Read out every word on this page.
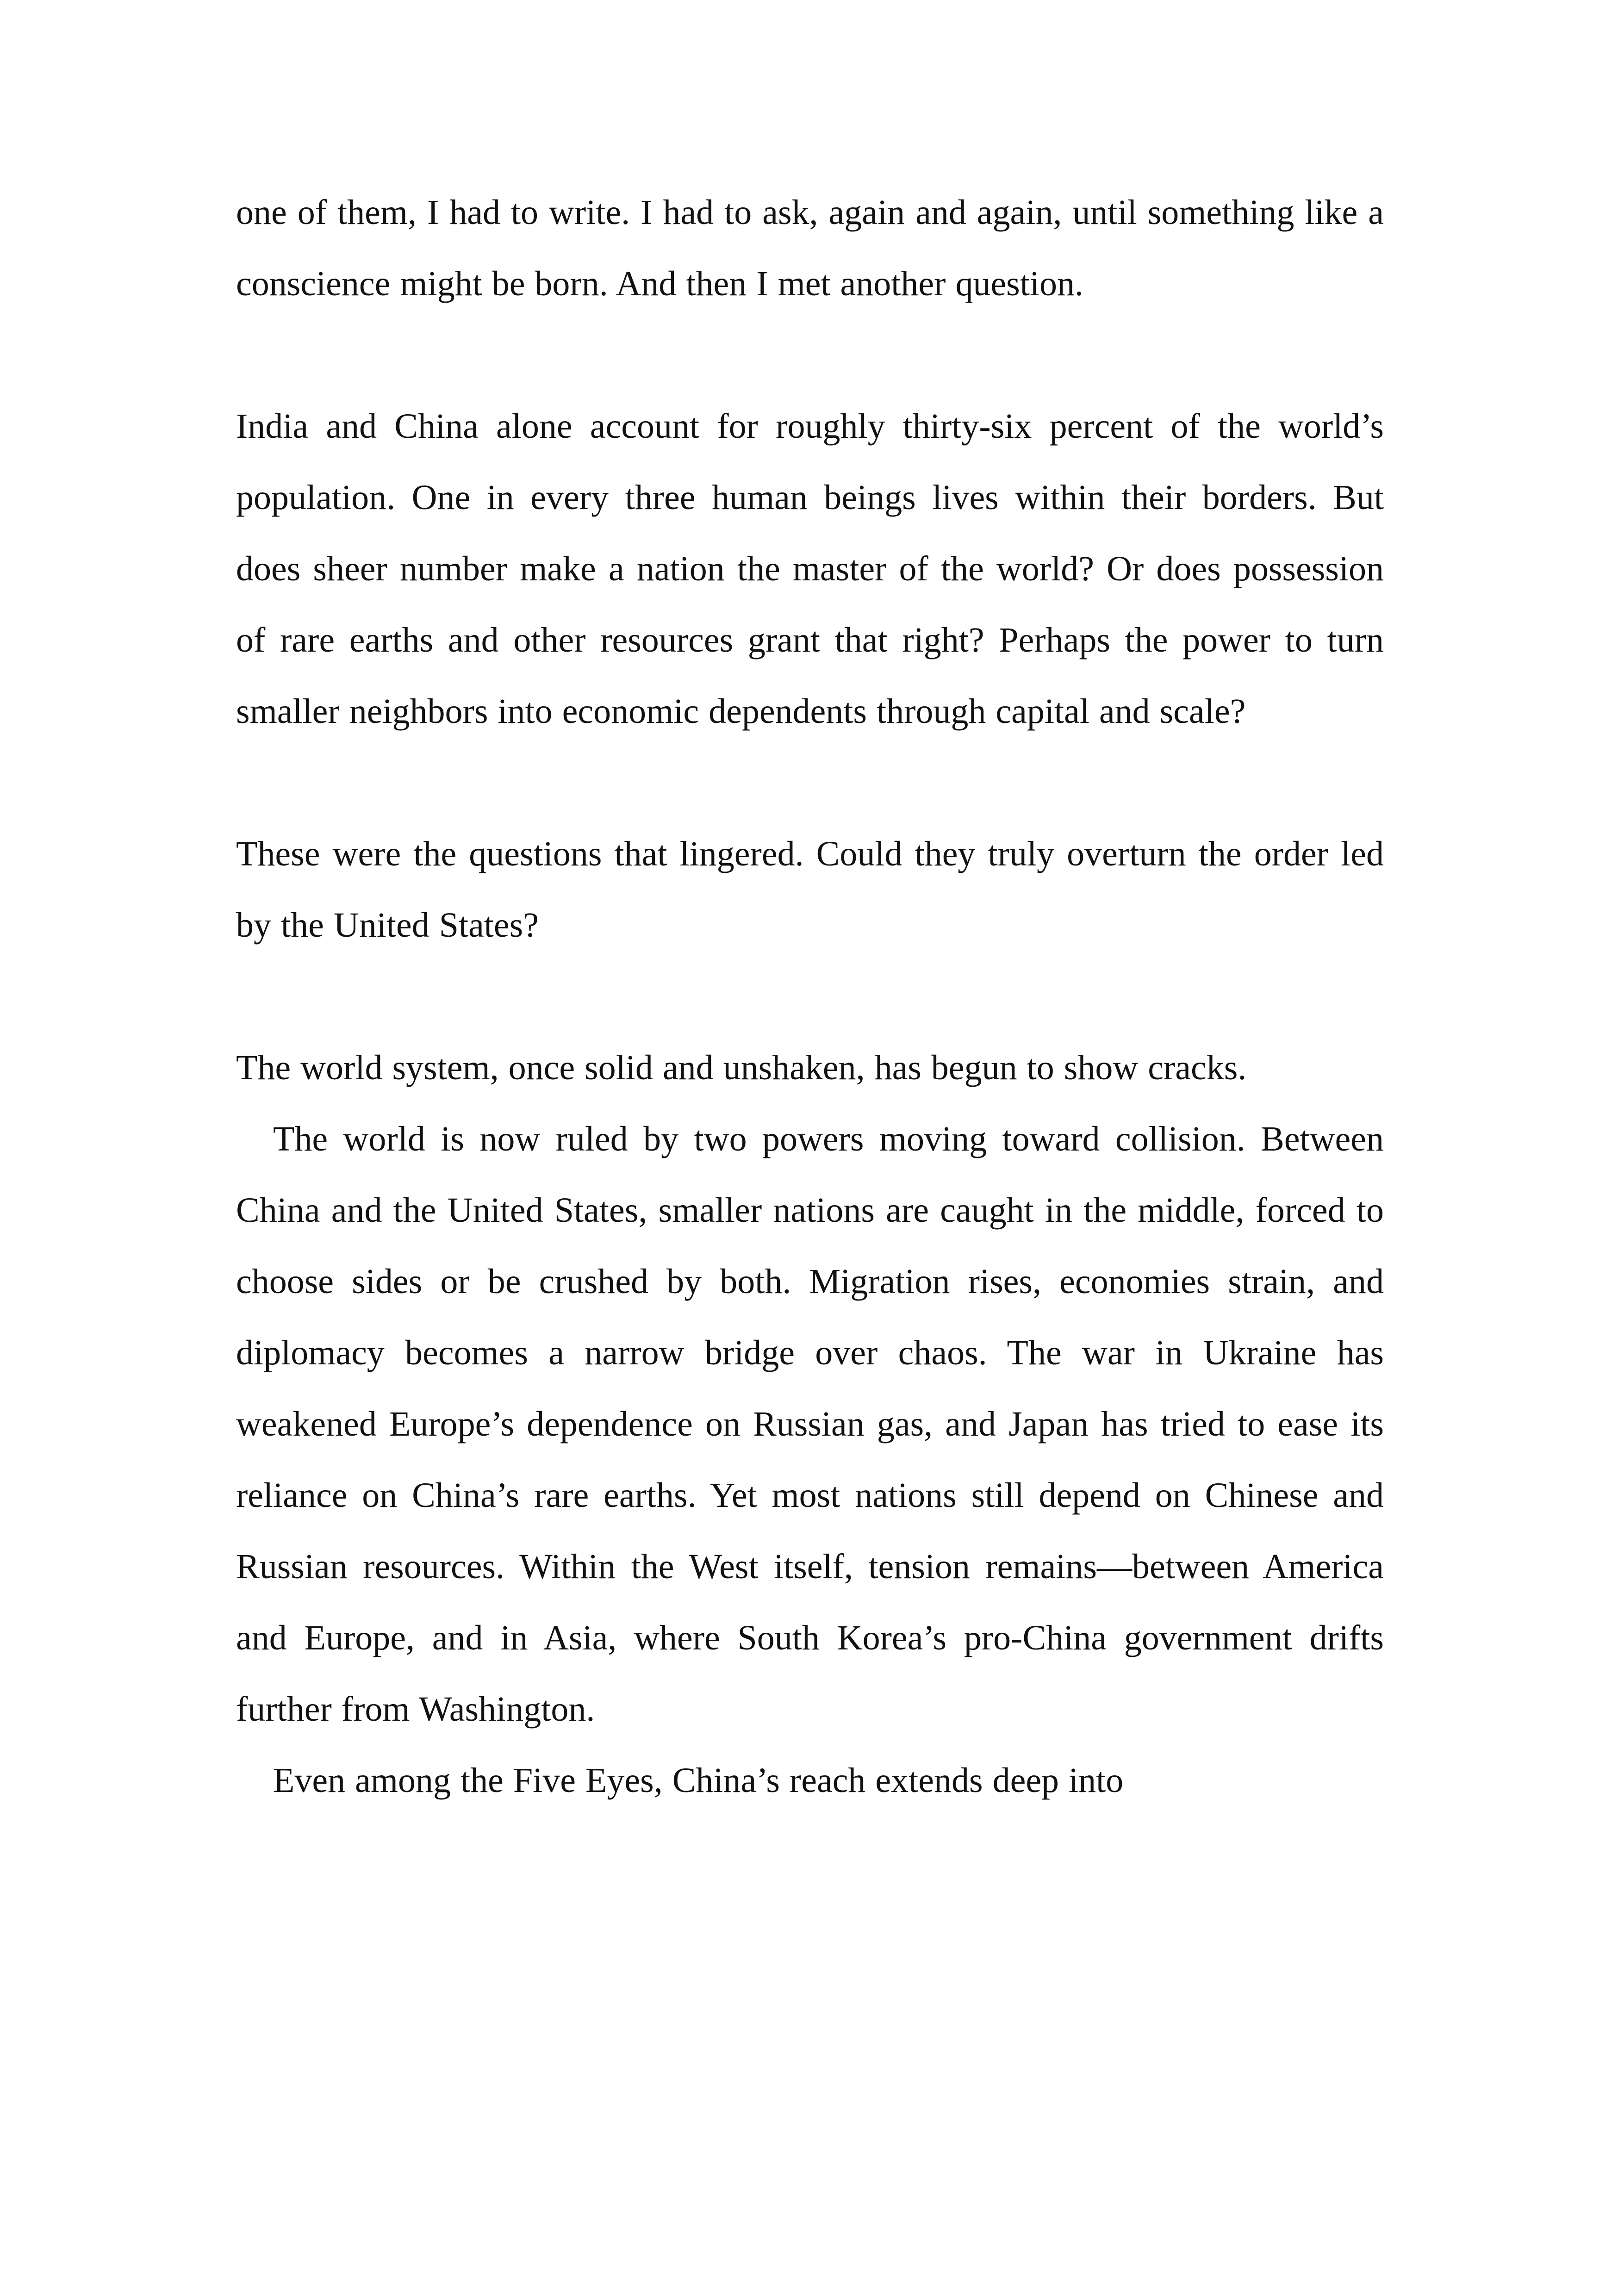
one of them, I had to write. I had to ask, again and again, until something like a conscience might be born. And then I met another question.

India and China alone account for roughly thirty-six percent of the world’s population. One in every three human beings lives within their borders. But does sheer number make a nation the master of the world? Or does possession of rare earths and other resources grant that right? Perhaps the power to turn smaller neighbors into economic dependents through capital and scale?

These were the questions that lingered. Could they truly overturn the order led by the United States?

The world system, once solid and unshaken, has begun to show cracks.

The world is now ruled by two powers moving toward collision. Between China and the United States, smaller nations are caught in the middle, forced to choose sides or be crushed by both. Migration rises, economies strain, and diplomacy becomes a narrow bridge over chaos. The war in Ukraine has weakened Europe’s dependence on Russian gas, and Japan has tried to ease its reliance on China’s rare earths. Yet most nations still depend on Chinese and Russian resources. Within the West itself, tension remains—between America and Europe, and in Asia, where South Korea’s pro-China government drifts further from Washington.

Even among the Five Eyes, China’s reach extends deep into
